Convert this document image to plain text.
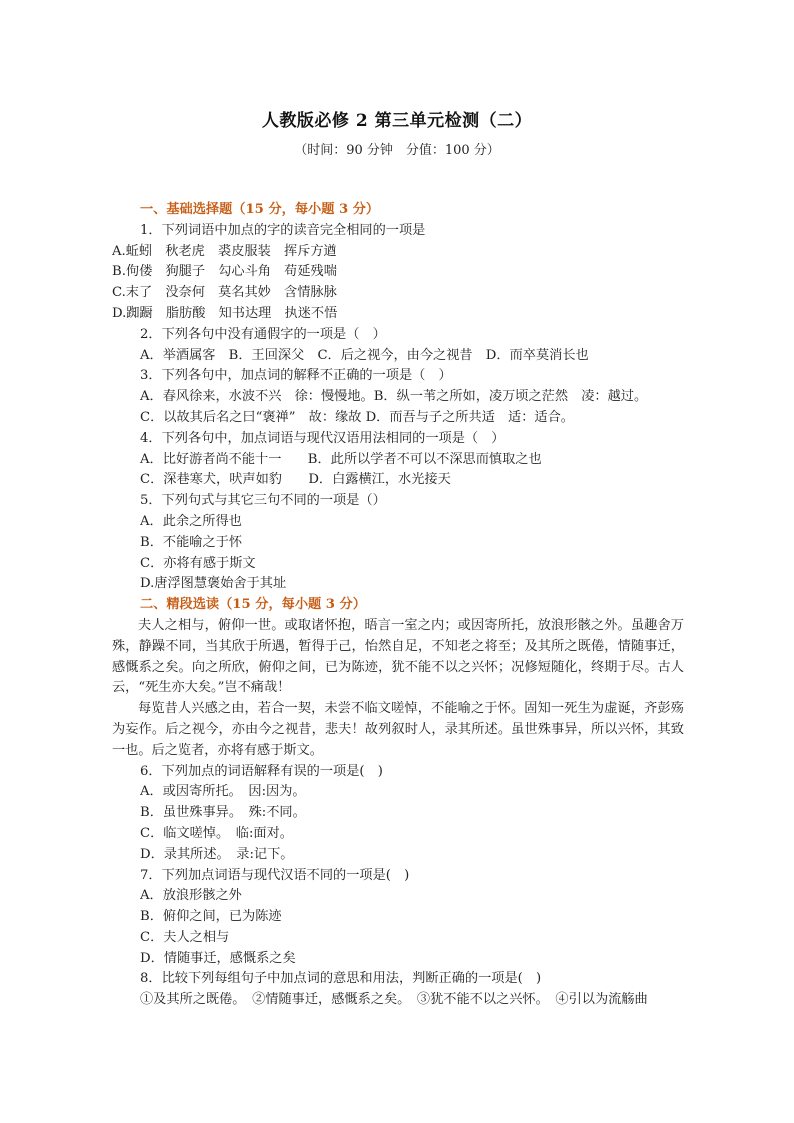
人教版必修 2 第三单元检测（二）
（时间：90 分钟　分值：100 分）
一、基础选择题（15 分，每小题 3 分）
1．下列词语中加点的字的读音完全相同的一项是
A.蚯蚓　秋老虎　裘皮服装　挥斥方遒
B.佝偻　狗腿子　勾心斗角　苟延残喘
C.末了　没奈何　莫名其妙　含情脉脉
D.踟蹰　脂肪酸　知书达理　执迷不悟
2．下列各句中没有通假字的一项是（　）
A．举酒属客　B．王回深父　C．后之视今，由今之视昔　D．而卒莫消长也
3．下列各句中，加点词的解释不正确的一项是（　）
A．春风徐来，水波不兴　徐：慢慢地。B．纵一苇之所如，凌万顷之茫然　凌：越过。
C．以故其后名之曰“褒禅”　故：缘故 D．而吾与子之所共适　适：适合。
4．下列各句中，加点词语与现代汉语用法相同的一项是（　）
A．比好游者尚不能十一　　B．此所以学者不可以不深思而慎取之也
C．深巷寒犬，吠声如豹　　D．白露横江，水光接天
5．下列句式与其它三句不同的一项是（）
A．此余之所得也
B．不能喻之于怀
C．亦将有感于斯文
D.唐浮图慧褒始舍于其址
二、精段选读（15 分，每小题 3 分）
夫人之相与，俯仰一世。或取诸怀抱，晤言一室之内；或因寄所托，放浪形骸之外。虽趣舍万殊，静躁不同，当其欣于所遇，暂得于己，怡然自足，不知老之将至；及其所之既倦，情随事迁，感慨系之矣。向之所欣，俯仰之间，已为陈迹，犹不能不以之兴怀；况修短随化，终期于尽。古人云，“死生亦大矣。”岂不痛哉！
每览昔人兴感之由，若合一契，未尝不临文嗟悼，不能喻之于怀。固知一死生为虚诞，齐彭殇为妄作。后之视今，亦由今之视昔，悲夫！故列叙时人，录其所述。虽世殊事异，所以兴怀，其致一也。后之览者，亦将有感于斯文。
6．下列加点的词语解释有误的一项是(　)
A．或因寄所托。　因:因为。
B．虽世殊事异。　殊:不同。
C．临文嗟悼。　临:面对。
D．录其所述。　录:记下。
7．下列加点词语与现代汉语不同的一项是(　)
A．放浪形骸之外
B．俯仰之间，已为陈迹
C．夫人之相与
D．情随事迁，感慨系之矣
8．比较下列每组句子中加点词的意思和用法，判断正确的一项是(　)
①及其所之既倦。　②情随事迁，感慨系之矣。　③犹不能不以之兴怀。　④引以为流觞曲
